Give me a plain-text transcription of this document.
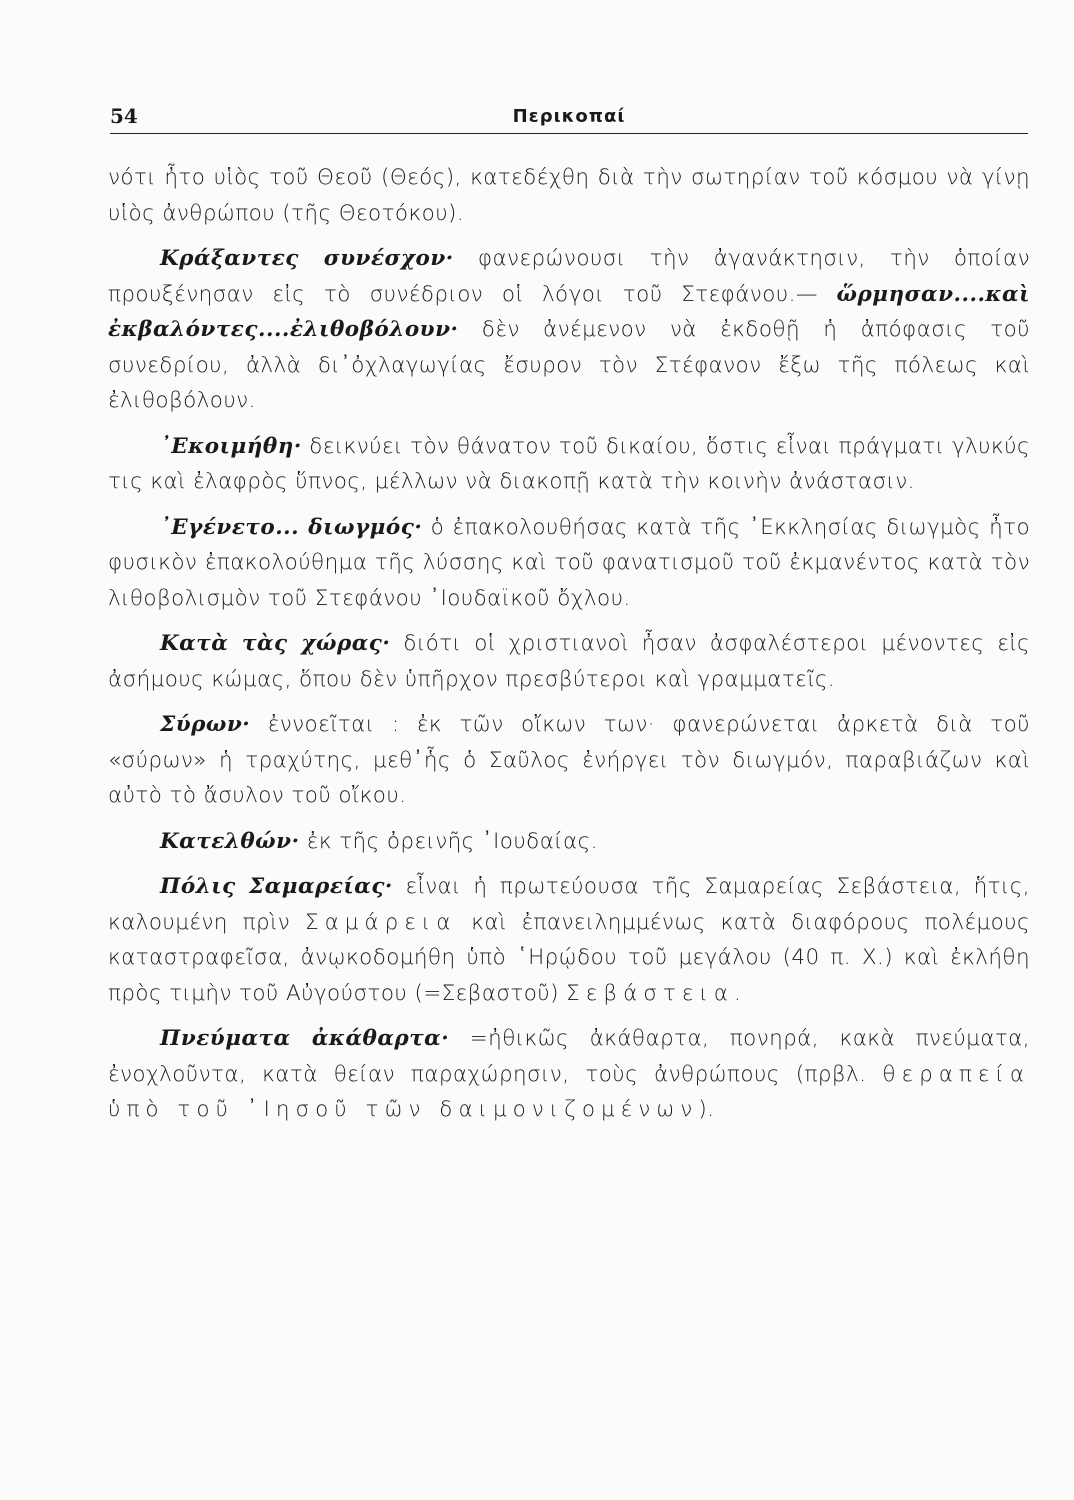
54	Περικοπαί

νότι ἦτο υἱὸς τοῦ Θεοῦ (Θεός), κατεδέχθη διὰ τὴν σωτηρίαν τοῦ κόσμου νὰ γίνῃ υἱὸς ἀνθρώπου (τῆς Θεοτόκου).

Κράξαντες συνέσχον· φανερώνουσι τὴν ἀγανάκτησιν, τὴν ὁποίαν προυξένησαν εἰς τὸ συνέδριον οἱ λόγοι τοῦ Στεφάνου.— ὥρμησαν....καὶ ἐκβαλόντες....ἐλιθοβόλουν· δὲν ἀνέμενον νὰ ἐκδοθῇ ἡ ἀπόφασις τοῦ συνεδρίου, ἀλλὰ δι᾽ὀχλαγωγίας ἔσυρον τὸν Στέφανον ἔξω τῆς πόλεως καὶ ἐλιθοβόλουν.

᾽Εκοιμήθη· δεικνύει τὸν θάνατον τοῦ δικαίου, ὅστις εἶναι πράγματι γλυκύς τις καὶ ἐλαφρὸς ὕπνος, μέλλων νὰ διακοπῇ κατὰ τὴν κοινὴν ἀνάστασιν.

᾽Εγένετο... διωγμός· ὁ ἐπακολουθήσας κατὰ τῆς ᾽Εκκλησίας διωγμὸς ἦτο φυσικὸν ἐπακολούθημα τῆς λύσσης καὶ τοῦ φανατισμοῦ τοῦ ἐκμανέντος κατὰ τὸν λιθοβολισμὸν τοῦ Στεφάνου ᾽Ιουδαϊκοῦ ὄχλου.

Κατὰ τὰς χώρας· διότι οἱ χριστιανοὶ ἦσαν ἀσφαλέστεροι μένοντες εἰς ἀσήμους κώμας, ὅπου δὲν ὑπῆρχον πρεσβύτεροι καὶ γραμματεῖς.

Σύρων· ἐννοεῖται : ἐκ τῶν οἴκων των· φανερώνεται ἀρκετὰ διὰ τοῦ «σύρων» ἡ τραχύτης, μεθ᾽ἧς ὁ Σαῦλος ἐνήργει τὸν διωγμόν, παραβιάζων καὶ αὐτὸ τὸ ἄσυλον τοῦ οἴκου.

Κατελθών· ἐκ τῆς ὀρεινῆς ᾽Ιουδαίας.

Πόλις Σαμαρείας· εἶναι ἡ πρωτεύουσα τῆς Σαμαρείας Σεβάστεια, ἥτις, καλουμένη πρὶν Σαμάρεια καὶ ἐπανειλημμένως κατὰ διαφόρους πολέμους καταστραφεῖσα, ἀνῳκοδομήθη ὑπὸ ῾Ηρῴδου τοῦ μεγάλου (40 π. Χ.) καὶ ἐκλήθη πρὸς τιμὴν τοῦ Αὐγούστου (=Σεβαστοῦ) Σεβάστεια.

Πνεύματα ἀκάθαρτα· =ἠθικῶς ἀκάθαρτα, πονηρά, κακὰ πνεύματα, ἐνοχλοῦντα, κατὰ θείαν παραχώρησιν, τοὺς ἀνθρώπους (πρβλ. θεραπεία ὑπὸ τοῦ ᾽Ιησοῦ τῶν δαιμονιζομένων).
